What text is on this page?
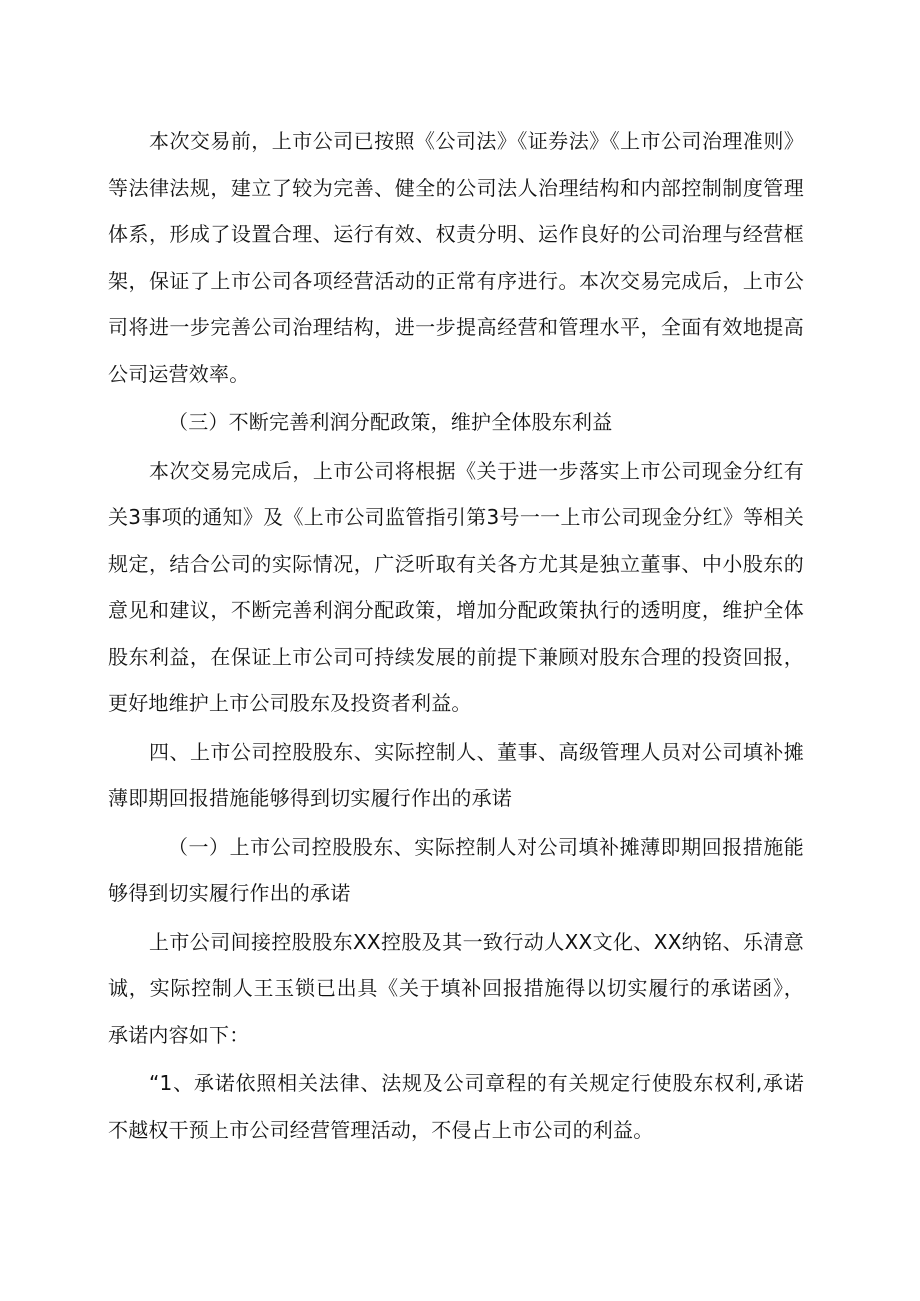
本次交易前，上市公司已按照《公司法》《证券法》《上市公司治理准则》等法律法规，建立了较为完善、健全的公司法人治理结构和内部控制制度管理体系，形成了设置合理、运行有效、权责分明、运作良好的公司治理与经营框架，保证了上市公司各项经营活动的正常有序进行。本次交易完成后，上市公司将进一步完善公司治理结构，进一步提高经营和管理水平，全面有效地提高公司运营效率。

（三）不断完善利润分配政策，维护全体股东利益

本次交易完成后，上市公司将根据《关于进一步落实上市公司现金分红有关3事项的通知》及《上市公司监管指引第3号一一上市公司现金分红》等相关规定，结合公司的实际情况，广泛听取有关各方尤其是独立董事、中小股东的意见和建议，不断完善利润分配政策，增加分配政策执行的透明度，维护全体股东利益，在保证上市公司可持续发展的前提下兼顾对股东合理的投资回报，更好地维护上市公司股东及投资者利益。

四、上市公司控股股东、实际控制人、董事、高级管理人员对公司填补摊薄即期回报措施能够得到切实履行作出的承诺

（一）上市公司控股股东、实际控制人对公司填补摊薄即期回报措施能够得到切实履行作出的承诺

上市公司间接控股股东XX控股及其一致行动人XX文化、XX纳铭、乐清意诚，实际控制人王玉锁已出具《关于填补回报措施得以切实履行的承诺函》，承诺内容如下：

“1、承诺依照相关法律、法规及公司章程的有关规定行使股东权利,承诺不越权干预上市公司经营管理活动，不侵占上市公司的利益。
